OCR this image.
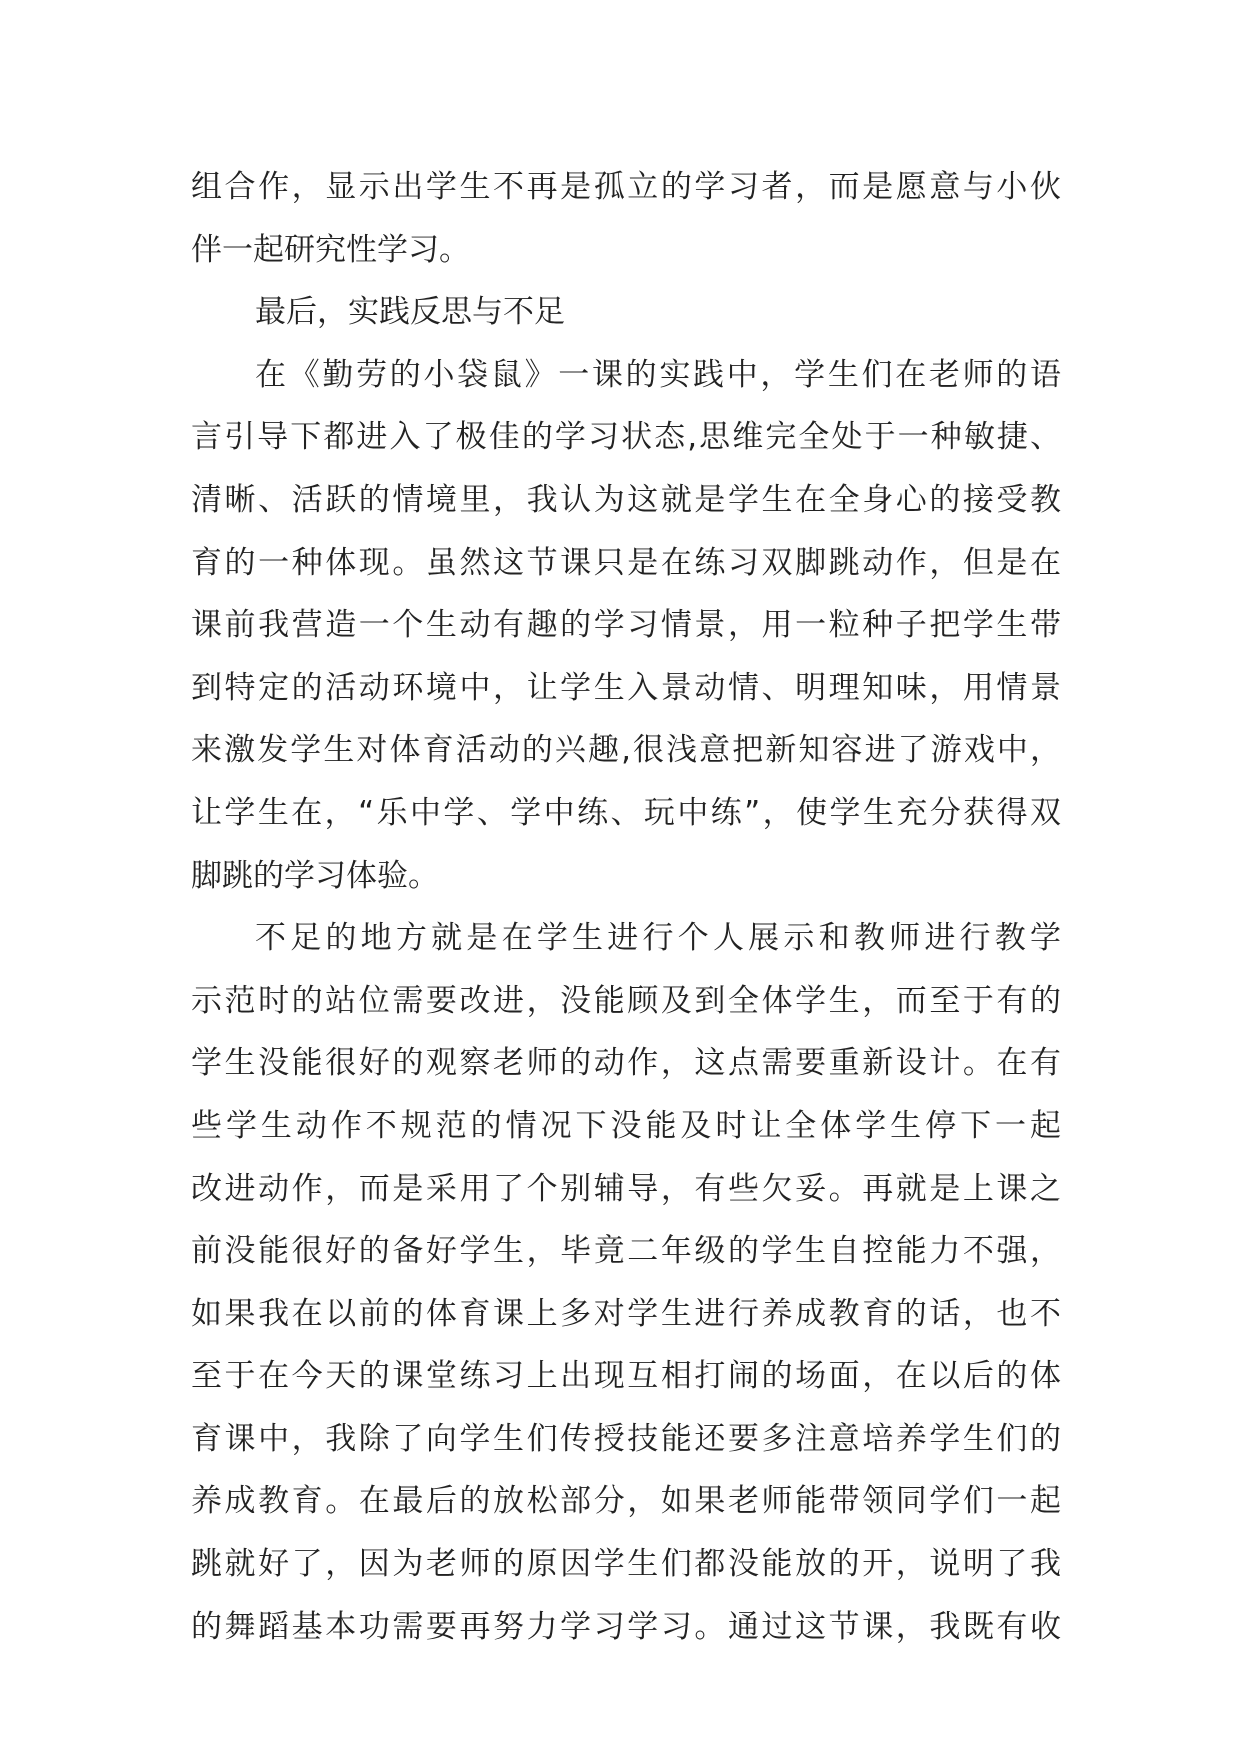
组合作，显示出学生不再是孤立的学习者，而是愿意与小伙
伴一起研究性学习。
最后，实践反思与不足
在《勤劳的小袋鼠》一课的实践中，学生们在老师的语
言引导下都进入了极佳的学习状态,思维完全处于一种敏捷、
清晰、活跃的情境里，我认为这就是学生在全身心的接受教
育的一种体现。虽然这节课只是在练习双脚跳动作，但是在
课前我营造一个生动有趣的学习情景，用一粒种子把学生带
到特定的活动环境中，让学生入景动情、明理知味，用情景
来激发学生对体育活动的兴趣,很浅意把新知容进了游戏中，
让学生在，“乐中学、学中练、玩中练”，使学生充分获得双
脚跳的学习体验。
不足的地方就是在学生进行个人展示和教师进行教学
示范时的站位需要改进，没能顾及到全体学生，而至于有的
学生没能很好的观察老师的动作，这点需要重新设计。在有
些学生动作不规范的情况下没能及时让全体学生停下一起
改进动作，而是采用了个别辅导，有些欠妥。再就是上课之
前没能很好的备好学生，毕竟二年级的学生自控能力不强，
如果我在以前的体育课上多对学生进行养成教育的话，也不
至于在今天的课堂练习上出现互相打闹的场面，在以后的体
育课中，我除了向学生们传授技能还要多注意培养学生们的
养成教育。在最后的放松部分，如果老师能带领同学们一起
跳就好了，因为老师的原因学生们都没能放的开，说明了我
的舞蹈基本功需要再努力学习学习。通过这节课，我既有收
